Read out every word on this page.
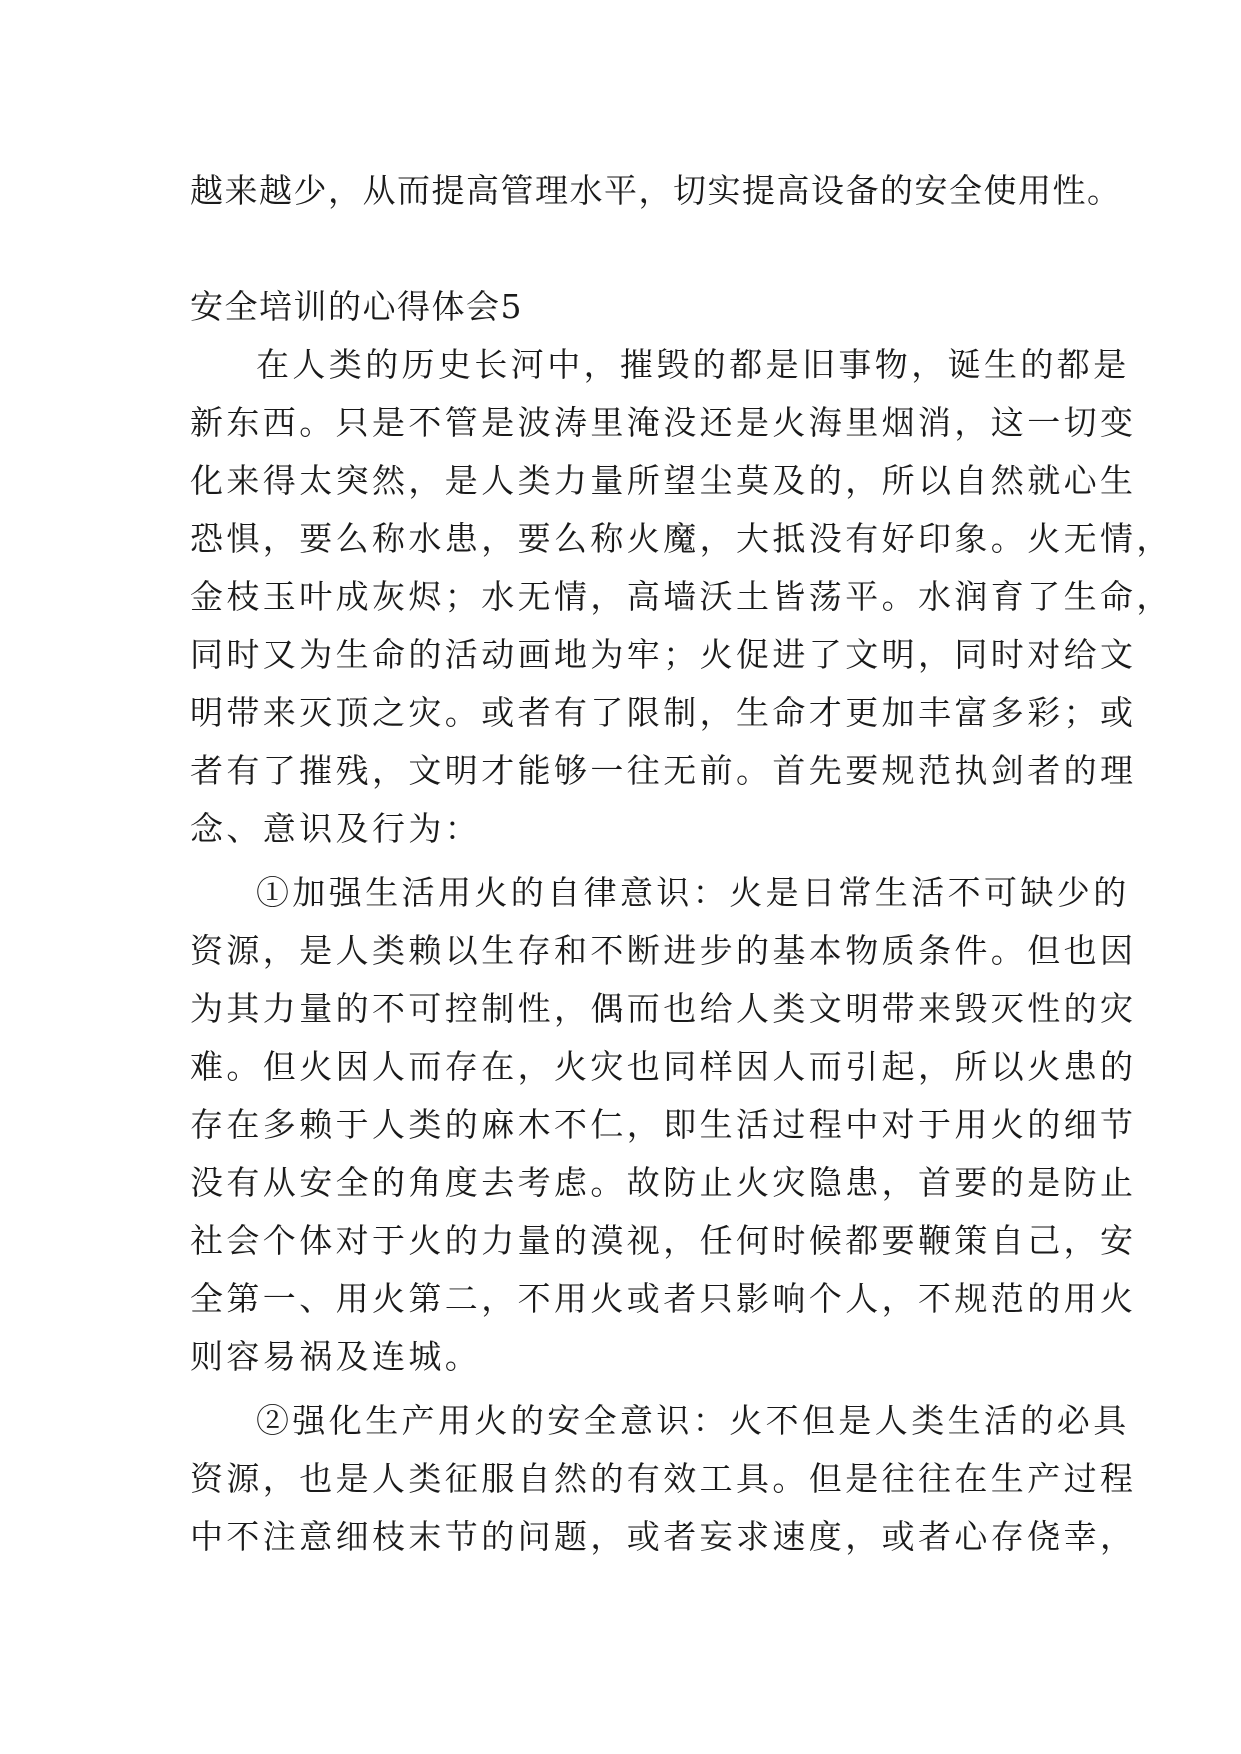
越来越少，从而提高管理水平，切实提高设备的安全使用性。
安全培训的心得体会5
在人类的历史长河中，摧毁的都是旧事物，诞生的都是
新东西。只是不管是波涛里淹没还是火海里烟消，这一切变
化来得太突然，是人类力量所望尘莫及的，所以自然就心生
恐惧，要么称水患，要么称火魔，大抵没有好印象。火无情，
金枝玉叶成灰烬；水无情，高墙沃土皆荡平。水润育了生命，
同时又为生命的活动画地为牢；火促进了文明，同时对给文
明带来灭顶之灾。或者有了限制，生命才更加丰富多彩；或
者有了摧残，文明才能够一往无前。首先要规范执剑者的理
念、意识及行为：
①加强生活用火的自律意识：火是日常生活不可缺少的
资源，是人类赖以生存和不断进步的基本物质条件。但也因
为其力量的不可控制性，偶而也给人类文明带来毁灭性的灾
难。但火因人而存在，火灾也同样因人而引起，所以火患的
存在多赖于人类的麻木不仁，即生活过程中对于用火的细节
没有从安全的角度去考虑。故防止火灾隐患，首要的是防止
社会个体对于火的力量的漠视，任何时候都要鞭策自己，安
全第一、用火第二，不用火或者只影响个人，不规范的用火
则容易祸及连城。
②强化生产用火的安全意识：火不但是人类生活的必具
资源，也是人类征服自然的有效工具。但是往往在生产过程
中不注意细枝末节的问题，或者妄求速度，或者心存侥幸，
